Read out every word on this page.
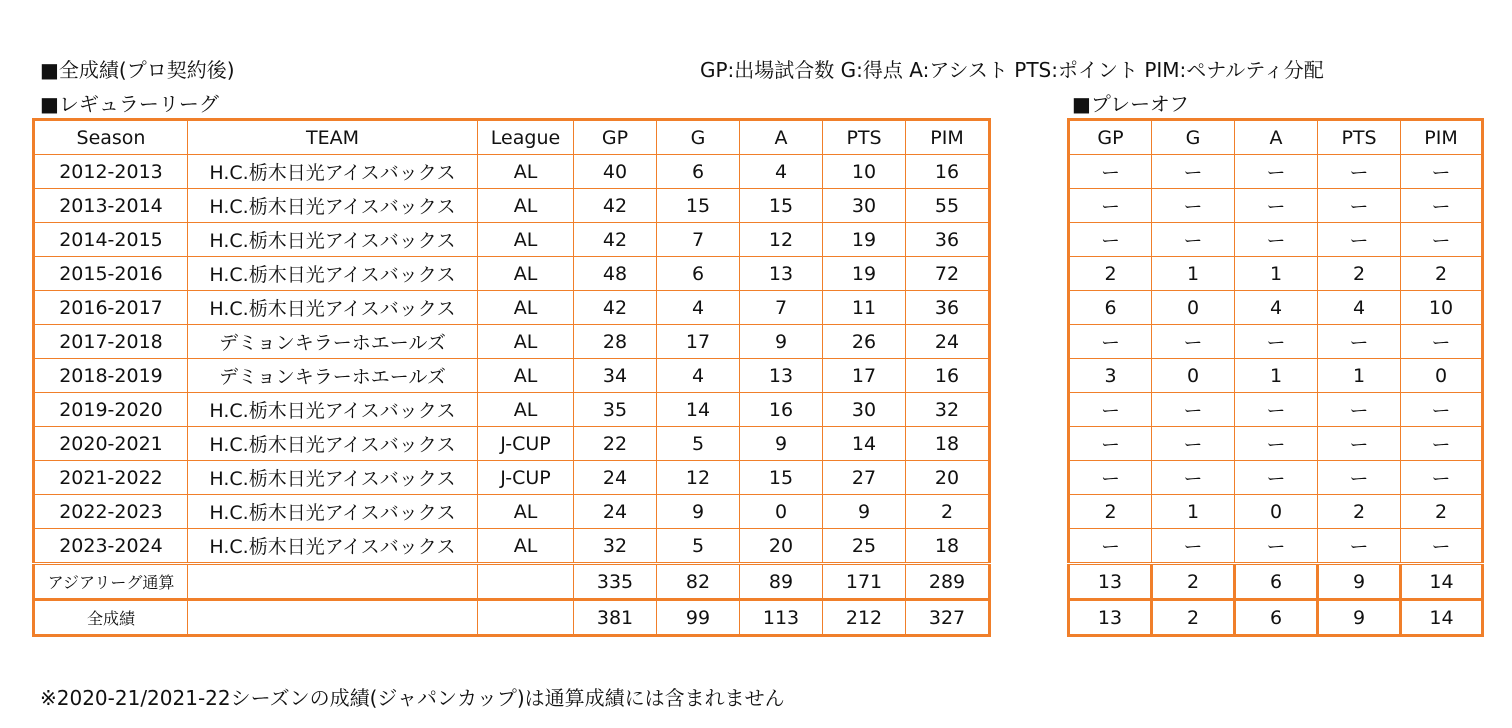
■全成績(プロ契約後)	GP:出場試合数 G:得点 A:アシスト PTS:ポイント PIM:ペナルティ分配
■レギュラーリーグ	■プレーオフ
Season	TEAM	League	GP	G	A	PTS	PIM
2012-2013	H.C.栃木日光アイスバックス	AL	40	6	4	10	16
2013-2014	H.C.栃木日光アイスバックス	AL	42	15	15	30	55
2014-2015	H.C.栃木日光アイスバックス	AL	42	7	12	19	36
2015-2016	H.C.栃木日光アイスバックス	AL	48	6	13	19	72
2016-2017	H.C.栃木日光アイスバックス	AL	42	4	7	11	36
2017-2018	デミョンキラーホエールズ	AL	28	17	9	26	24
2018-2019	デミョンキラーホエールズ	AL	34	4	13	17	16
2019-2020	H.C.栃木日光アイスバックス	AL	35	14	16	30	32
2020-2021	H.C.栃木日光アイスバックス	J-CUP	22	5	9	14	18
2021-2022	H.C.栃木日光アイスバックス	J-CUP	24	12	15	27	20
2022-2023	H.C.栃木日光アイスバックス	AL	24	9	0	9	2
2023-2024	H.C.栃木日光アイスバックス	AL	32	5	20	25	18
アジアリーグ通算			335	82	89	171	289
全成績			381	99	113	212	327
GP	G	A	PTS	PIM
ー	ー	ー	ー	ー
ー	ー	ー	ー	ー
ー	ー	ー	ー	ー
2	1	1	2	2
6	0	4	4	10
ー	ー	ー	ー	ー
3	0	1	1	0
ー	ー	ー	ー	ー
ー	ー	ー	ー	ー
ー	ー	ー	ー	ー
2	1	0	2	2
ー	ー	ー	ー	ー
13	2	6	9	14
13	2	6	9	14
※2020-21/2021-22シーズンの成績(ジャパンカップ)は通算成績には含まれません
